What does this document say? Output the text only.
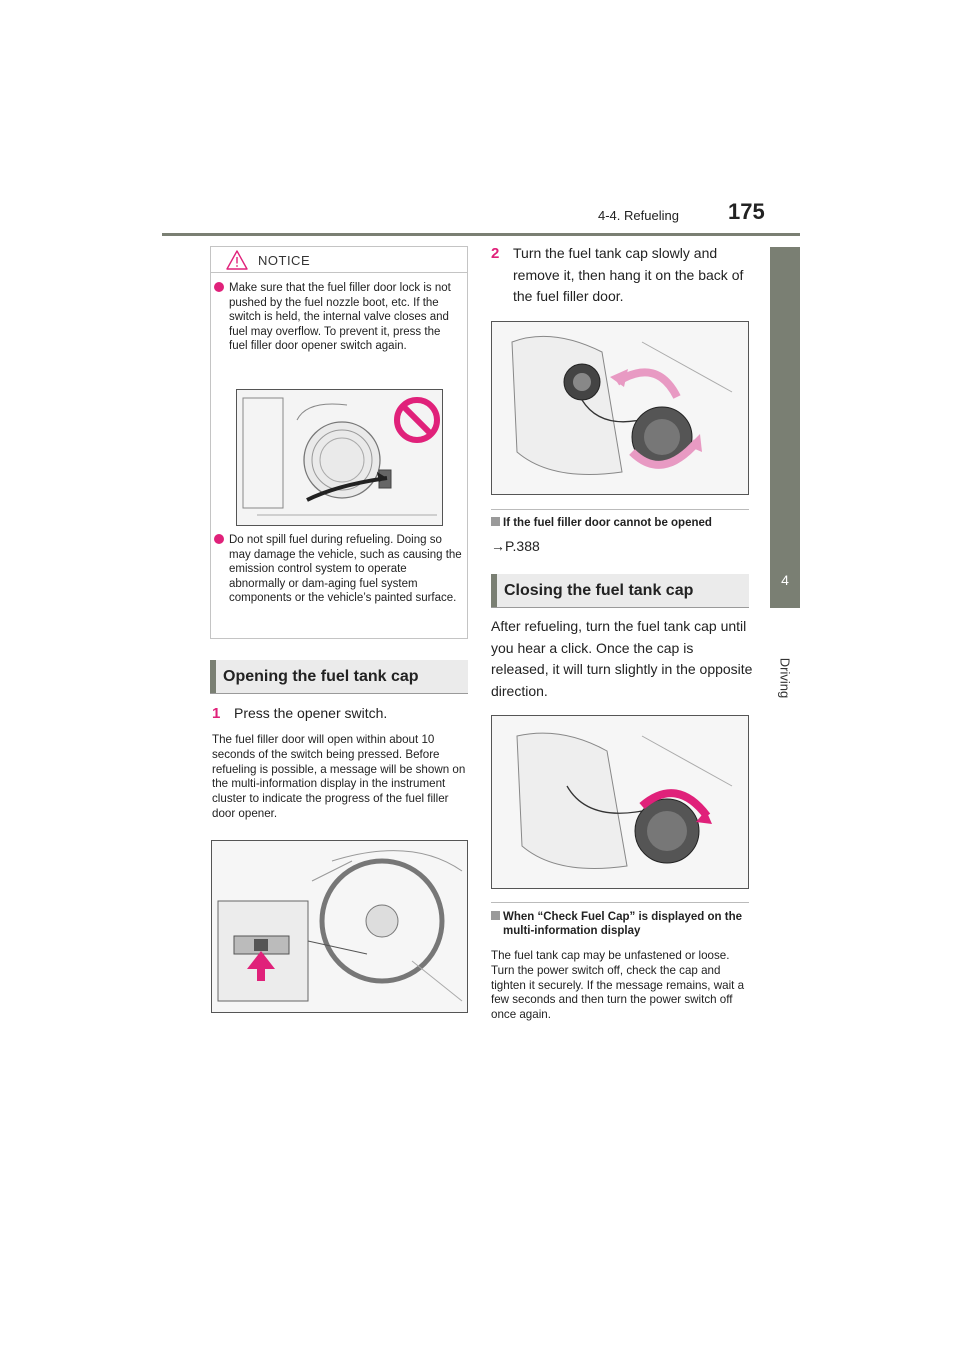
4-4. Refueling 175
4
Driving
NOTICE
Make sure that the fuel filler door lock is not pushed by the fuel nozzle boot, etc. If the switch is held, the internal valve closes and fuel may overflow. To prevent it, press the fuel filler door opener switch again.
Do not spill fuel during refueling. Doing so may damage the vehicle, such as causing the emission control system to operate abnormally or dam-aging fuel system components or the vehicle’s painted surface.
Opening the fuel tank cap
1 Press the opener switch.
The fuel filler door will open within about 10 seconds of the switch being pressed. Before refueling is possible, a message will be shown on the multi-information display in the instrument cluster to indicate the progress of the fuel filler door opener.
2 Turn the fuel tank cap slowly and remove it, then hang it on the back of the fuel filler door.
If the fuel filler door cannot be opened
→P.388
Closing the fuel tank cap
After refueling, turn the fuel tank cap until you hear a click. Once the cap is released, it will turn slightly in the opposite direction.
When “Check Fuel Cap” is displayed on the multi-information display
The fuel tank cap may be unfastened or loose. Turn the power switch off, check the cap and tighten it securely. If the message remains, wait a few seconds and then turn the power switch off once again.
